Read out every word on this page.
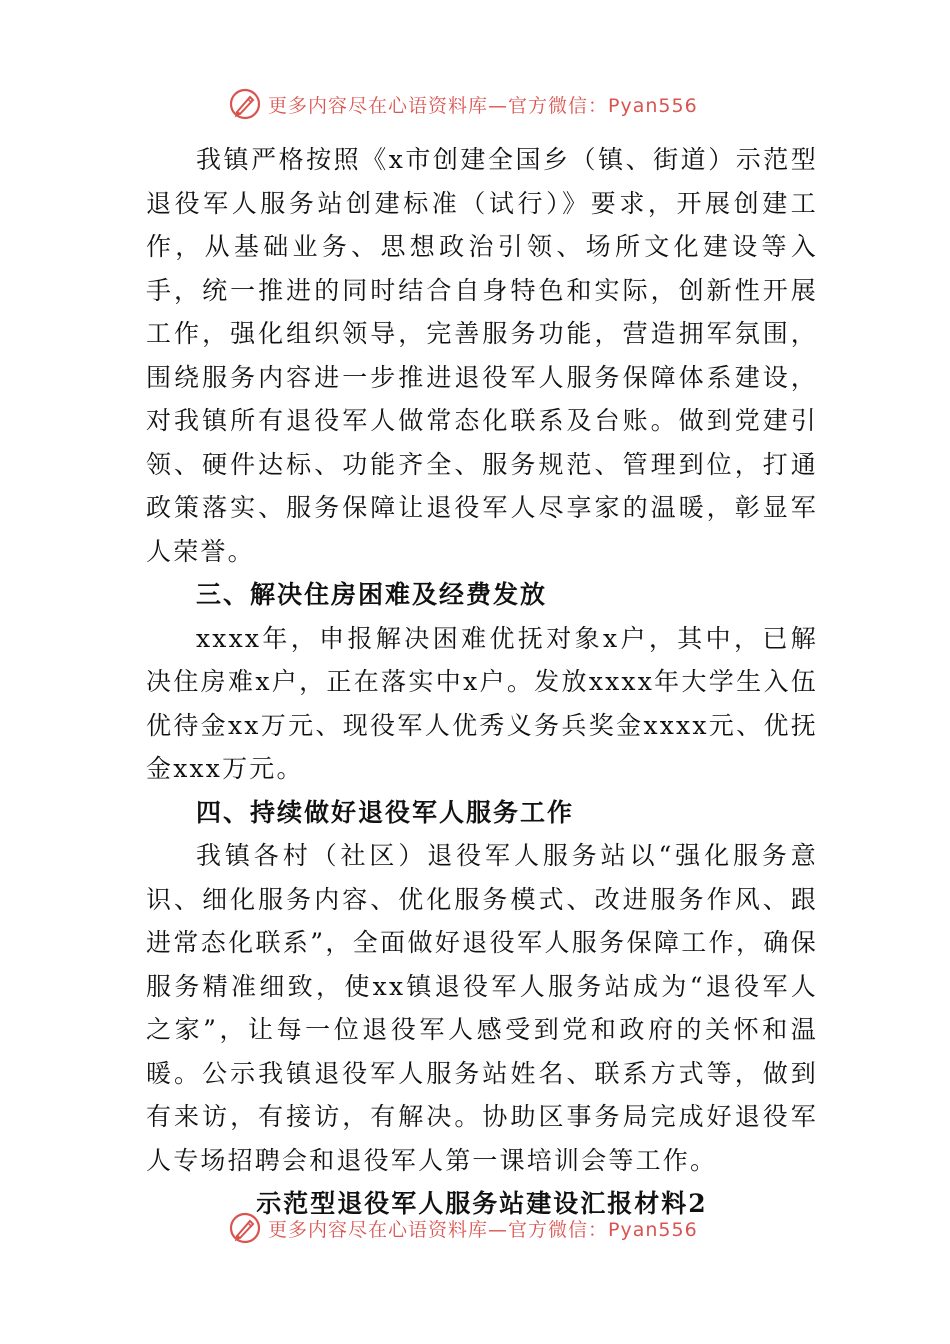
更多内容尽在心语资料库—官方微信：Pyan556

我镇严格按照《x市创建全国乡（镇、街道）示范型退役军人服务站创建标准（试行）》要求，开展创建工作，从基础业务、思想政治引领、场所文化建设等入手，统一推进的同时结合自身特色和实际，创新性开展工作，强化组织领导，完善服务功能，营造拥军氛围，围绕服务内容进一步推进退役军人服务保障体系建设，对我镇所有退役军人做常态化联系及台账。做到党建引领、硬件达标、功能齐全、服务规范、管理到位，打通政策落实、服务保障让退役军人尽享家的温暖，彰显军人荣誉。

三、解决住房困难及经费发放

xxxx年，申报解决困难优抚对象x户，其中，已解决住房难x户，正在落实中x户。发放xxxx年大学生入伍优待金xx万元、现役军人优秀义务兵奖金xxxx元、优抚金xxx万元。

四、持续做好退役军人服务工作

我镇各村（社区）退役军人服务站以“强化服务意识、细化服务内容、优化服务模式、改进服务作风、跟进常态化联系”，全面做好退役军人服务保障工作，确保服务精准细致，使xx镇退役军人服务站成为“退役军人之家”，让每一位退役军人感受到党和政府的关怀和温暖。公示我镇退役军人服务站姓名、联系方式等，做到有来访，有接访，有解决。协助区事务局完成好退役军人专场招聘会和退役军人第一课培训会等工作。

示范型退役军人服务站建设汇报材料2

更多内容尽在心语资料库—官方微信：Pyan556
